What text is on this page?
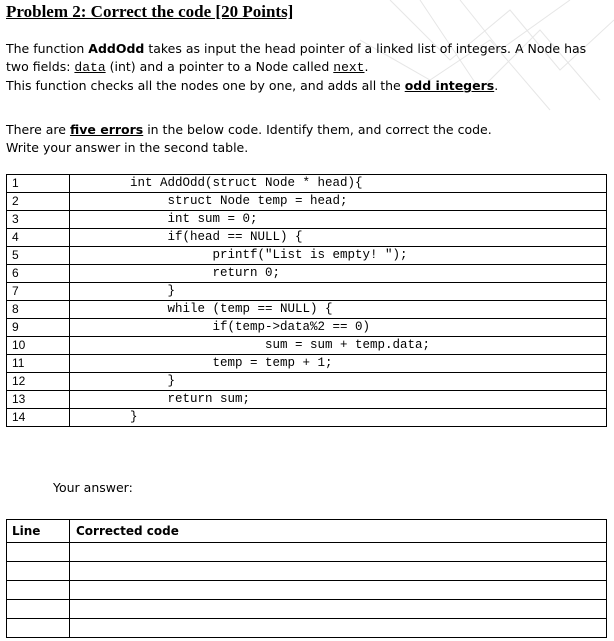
Problem 2: Correct the code [20 Points]

The function AddOdd takes as input the head pointer of a linked list of integers. A Node has two fields: data (int) and a pointer to a Node called next.
This function checks all the nodes one by one, and adds all the odd integers.

There are five errors in the below code. Identify them, and correct the code.
Write your answer in the second table.

1	int AddOdd(struct Node * head){
2	struct Node temp = head;
3	int sum = 0;
4	if(head == NULL) {
5	printf("List is empty! ");
6	return 0;
7	}
8	while (temp == NULL) {
9	if(temp->data%2 == 0)
10	sum = sum + temp.data;
11	temp = temp + 1;
12	}
13	return sum;
14	}

Your answer:

Line	Corrected code
